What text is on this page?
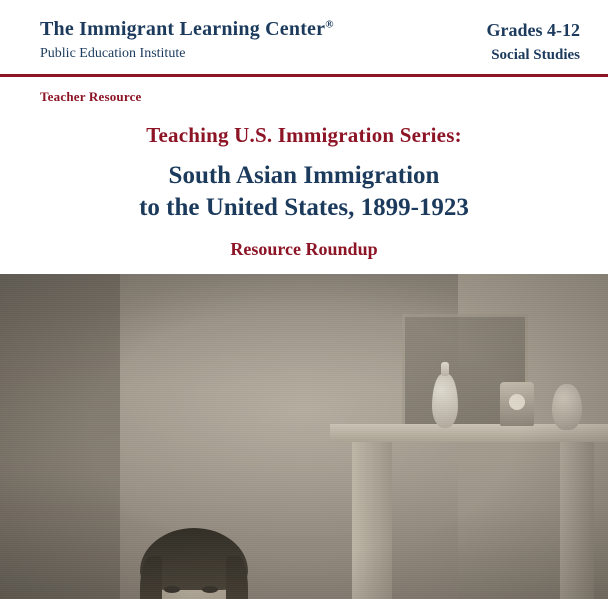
The Immigrant Learning Center®
Public Education Institute
Grades 4-12
Social Studies
Teacher Resource
Teaching U.S. Immigration Series:
South Asian Immigration
to the United States, 1899-1923
Resource Roundup
